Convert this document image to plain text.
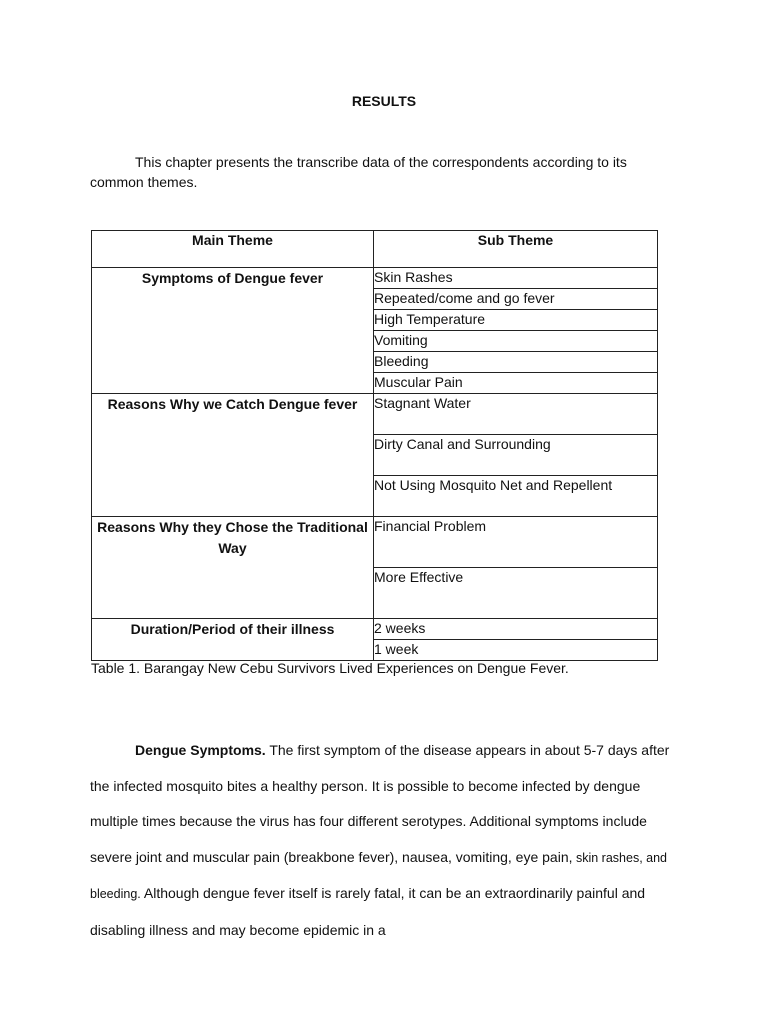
RESULTS

This chapter presents the transcribe data of the correspondents according to its common themes.

Main Theme	Sub Theme
Symptoms of Dengue fever	Skin Rashes
	Repeated/come and go fever
	High Temperature
	Vomiting
	Bleeding
	Muscular Pain
Reasons Why we Catch Dengue fever	Stagnant Water
	Dirty Canal and Surrounding
	Not Using Mosquito Net and Repellent
Reasons Why they Chose the Traditional Way	Financial Problem
	More Effective
Duration/Period of their illness	2 weeks
	1 week
Table 1. Barangay New Cebu Survivors Lived Experiences on Dengue Fever.

Dengue Symptoms. The first symptom of the disease appears in about 5-7 days after the infected mosquito bites a healthy person. It is possible to become infected by dengue multiple times because the virus has four different serotypes. Additional symptoms include severe joint and muscular pain (breakbone fever), nausea, vomiting, eye pain, skin rashes, and bleeding. Although dengue fever itself is rarely fatal, it can be an extraordinarily painful and disabling illness and may become epidemic in a
